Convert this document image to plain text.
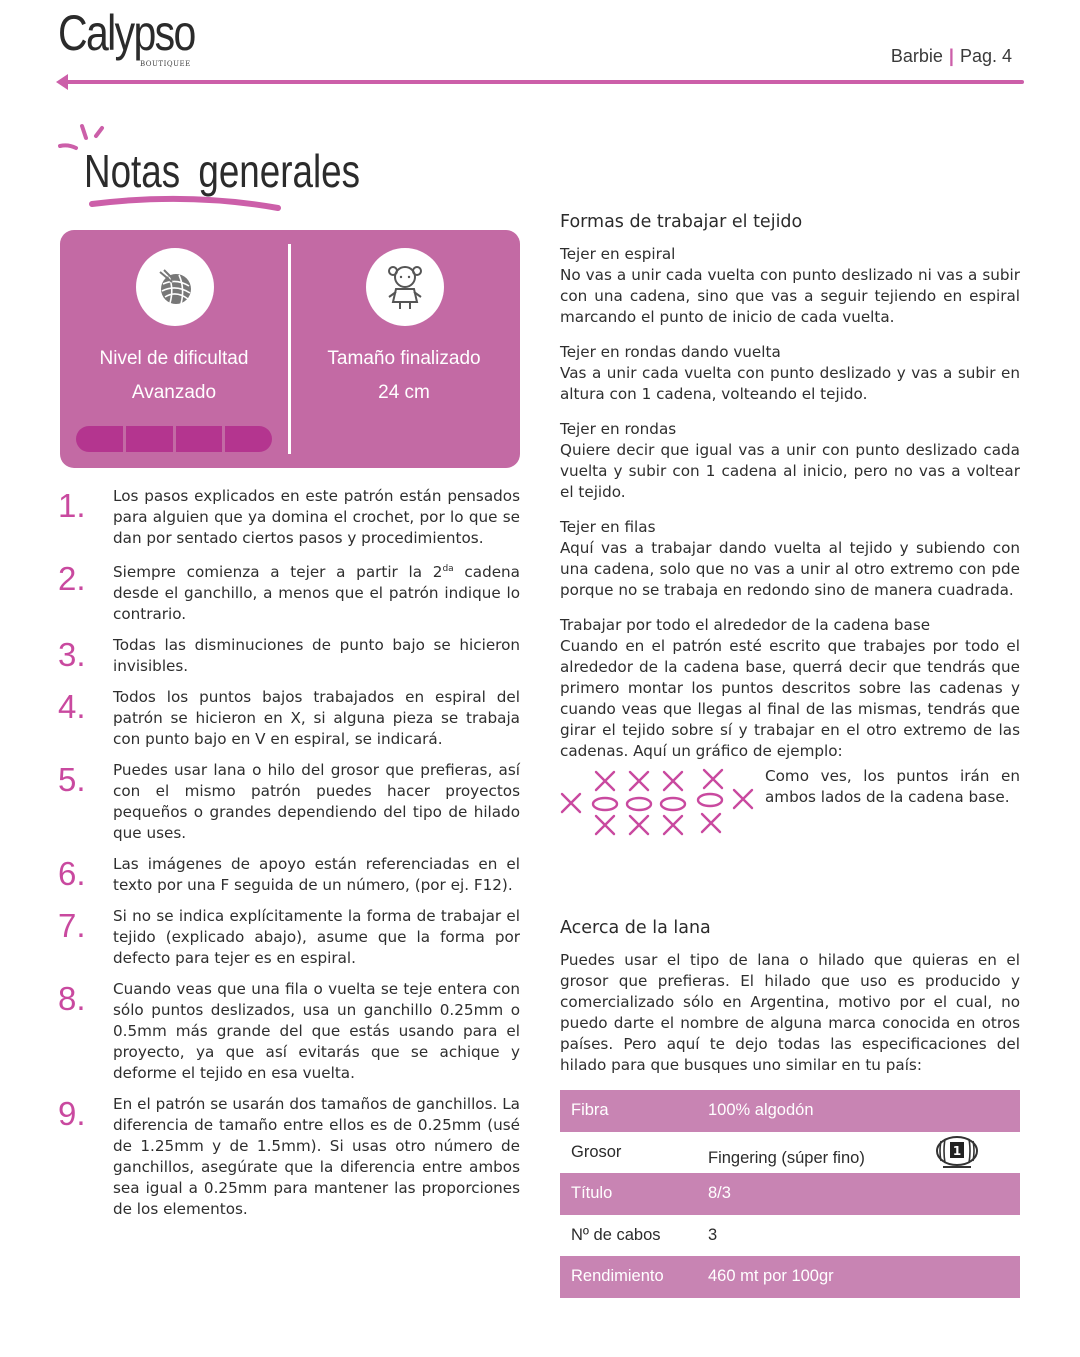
Calypso
BOUTIQUEE	Barbie | Pag. 4
Notas generales
Nivel de dificultad
Avanzado
Tamaño finalizado
24 cm
1. Los pasos explicados en este patrón están pensados para alguien que ya domina el crochet, por lo que se dan por sentado ciertos pasos y procedimientos.
2. Siempre comienza a tejer a partir la $2^{da}$ cadena desde el ganchillo, a menos que el patrón indique lo contrario.
3. Todas las disminuciones de punto bajo se hicieron invisibles.
4. Todos los puntos bajos trabajados en espiral del patrón se hicieron en X, si alguna pieza se trabaja con punto bajo en V en espiral, se indicará.
5. Puedes usar lana o hilo del grosor que prefieras, así con el mismo patrón puedes hacer proyectos pequeños o grandes dependiendo del tipo de hilado que uses.
6. Las imágenes de apoyo están referenciadas en el texto por una F seguida de un número, (por ej. F12).
7. Si no se indica explícitamente la forma de trabajar el tejido (explicado abajo), asume que la forma por defecto para tejer es en espiral.
8. Cuando veas que una fila o vuelta se teje entera con sólo puntos deslizados, usa un ganchillo 0.25mm o 0.5mm más grande del que estás usando para el proyecto, ya que así evitarás que se achique y deforme el tejido en esa vuelta.
9. En el patrón se usarán dos tamaños de ganchillos. La diferencia de tamaño entre ellos es de 0.25mm (usé de 1.25mm y de 1.5mm). Si usas otro número de ganchillos, asegúrate que la diferencia entre ambos sea igual a 0.25mm para mantener las proporciones de los elementos.
Formas de trabajar el tejido
Tejer en espiral
No vas a unir cada vuelta con punto deslizado ni vas a subir con una cadena, sino que vas a seguir tejiendo en espiral marcando el punto de inicio de cada vuelta.
Tejer en rondas dando vuelta
Vas a unir cada vuelta con punto deslizado y vas a subir en altura con 1 cadena, volteando el tejido.
Tejer en rondas
Quiere decir que igual vas a unir con punto deslizado cada vuelta y subir con 1 cadena al inicio, pero no vas a voltear el tejido.
Tejer en filas
Aquí vas a trabajar dando vuelta al tejido y subiendo con una cadena, solo que no vas a unir al otro extremo con pde porque no se trabaja en redondo sino de manera cuadrada.
Trabajar por todo el alrededor de la cadena base
Cuando en el patrón esté escrito que trabajes por todo el alrededor de la cadena base, querrá decir que tendrás que primero montar los puntos descritos sobre las cadenas y cuando veas que llegas al final de las mismas, tendrás que girar el tejido sobre sí y trabajar en el otro extremo de las cadenas. Aquí un gráfico de ejemplo:
Como ves, los puntos irán en ambos lados de la cadena base.
Acerca de la lana
Puedes usar el tipo de lana o hilado que quieras en el grosor que prefieras. El hilado que uso es producido y comercializado sólo en Argentina, motivo por el cual, no puedo darte el nombre de alguna marca conocida en otros países. Pero aquí te dejo todas las especificaciones del hilado para que busques uno similar en tu país:
Fibra	100% algodón
Grosor	Fingering (súper fino)
Título	8/3
Nº de cabos	3
Rendimiento	460 mt por 100gr
1
